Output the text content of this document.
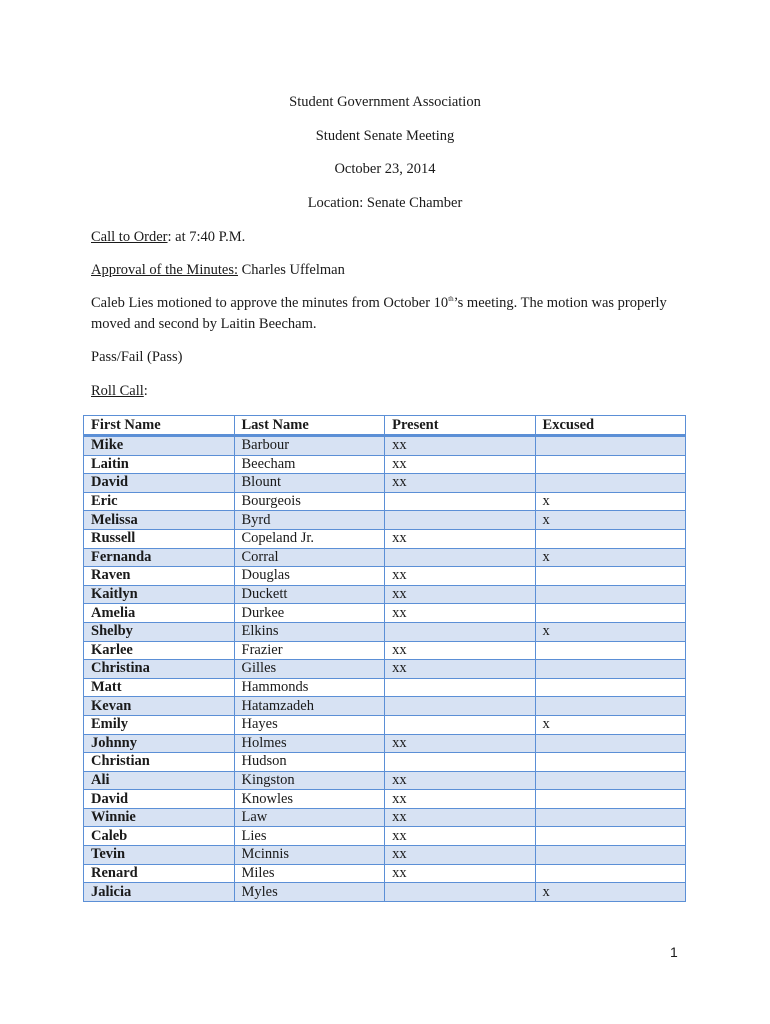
Student Government Association
Student Senate Meeting
October 23, 2014
Location: Senate Chamber
Call to Order: at 7:40 P.M.
Approval of the Minutes: Charles Uffelman
Caleb Lies motioned to approve the minutes from October 10th’s meeting. The motion was properly moved and second by Laitin Beecham.
Pass/Fail (Pass)
Roll Call:
First Name	Last Name	Present	Excused
Mike	Barbour	xx	
Laitin	Beecham	xx	
David	Blount	xx	
Eric	Bourgeois		x
Melissa	Byrd		x
Russell	Copeland Jr.	xx	
Fernanda	Corral		x
Raven	Douglas	xx	
Kaitlyn	Duckett	xx	
Amelia	Durkee	xx	
Shelby	Elkins		x
Karlee	Frazier	xx	
Christina	Gilles	xx	
Matt	Hammonds		
Kevan	Hatamzadeh		
Emily	Hayes		x
Johnny	Holmes	xx	
Christian	Hudson		
Ali	Kingston	xx	
David	Knowles	xx	
Winnie	Law	xx	
Caleb	Lies	xx	
Tevin	Mcinnis	xx	
Renard	Miles	xx	
Jalicia	Myles		x
1
